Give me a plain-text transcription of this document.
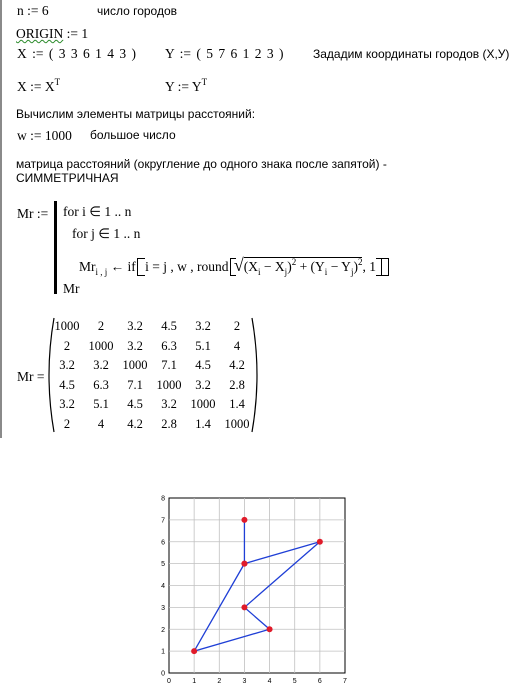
n := 6	число городов
ORIGIN := 1
X := ( 3 3 6 1 4 3 ) Y := ( 5 7 6 1 2 3 ) Зададим координаты городов (X,У)
X := $X^T$	Y := $Y^T$
Вычислим элементы матрицы расстояний:
w := 1000 большое число
матрица расстояний (округление до одного знака после запятой) -
СИММЕТРИЧНАЯ
Mr := for i ∈ 1 .. n
for j ∈ 1 .. n
$Mr_{i , j}$ ← if i = j , w , round $√(X_i - X_j)^2 + (Y_i - Y_j)^2$, 1
Mr
Mr =
1000	2	3.2	4.5	3.2	2
2	1000	3.2	6.3	5.1	4
3.2	3.2	1000	7.1	4.5	4.2
4.5	6.3	7.1	1000	3.2	2.8
3.2	5.1	4.5	3.2	1000	1.4
2	4	4.2	2.8	1.4	1000
0	1	2	3	4	5	6	7
0
1
2
3
4
5
6
7
8
